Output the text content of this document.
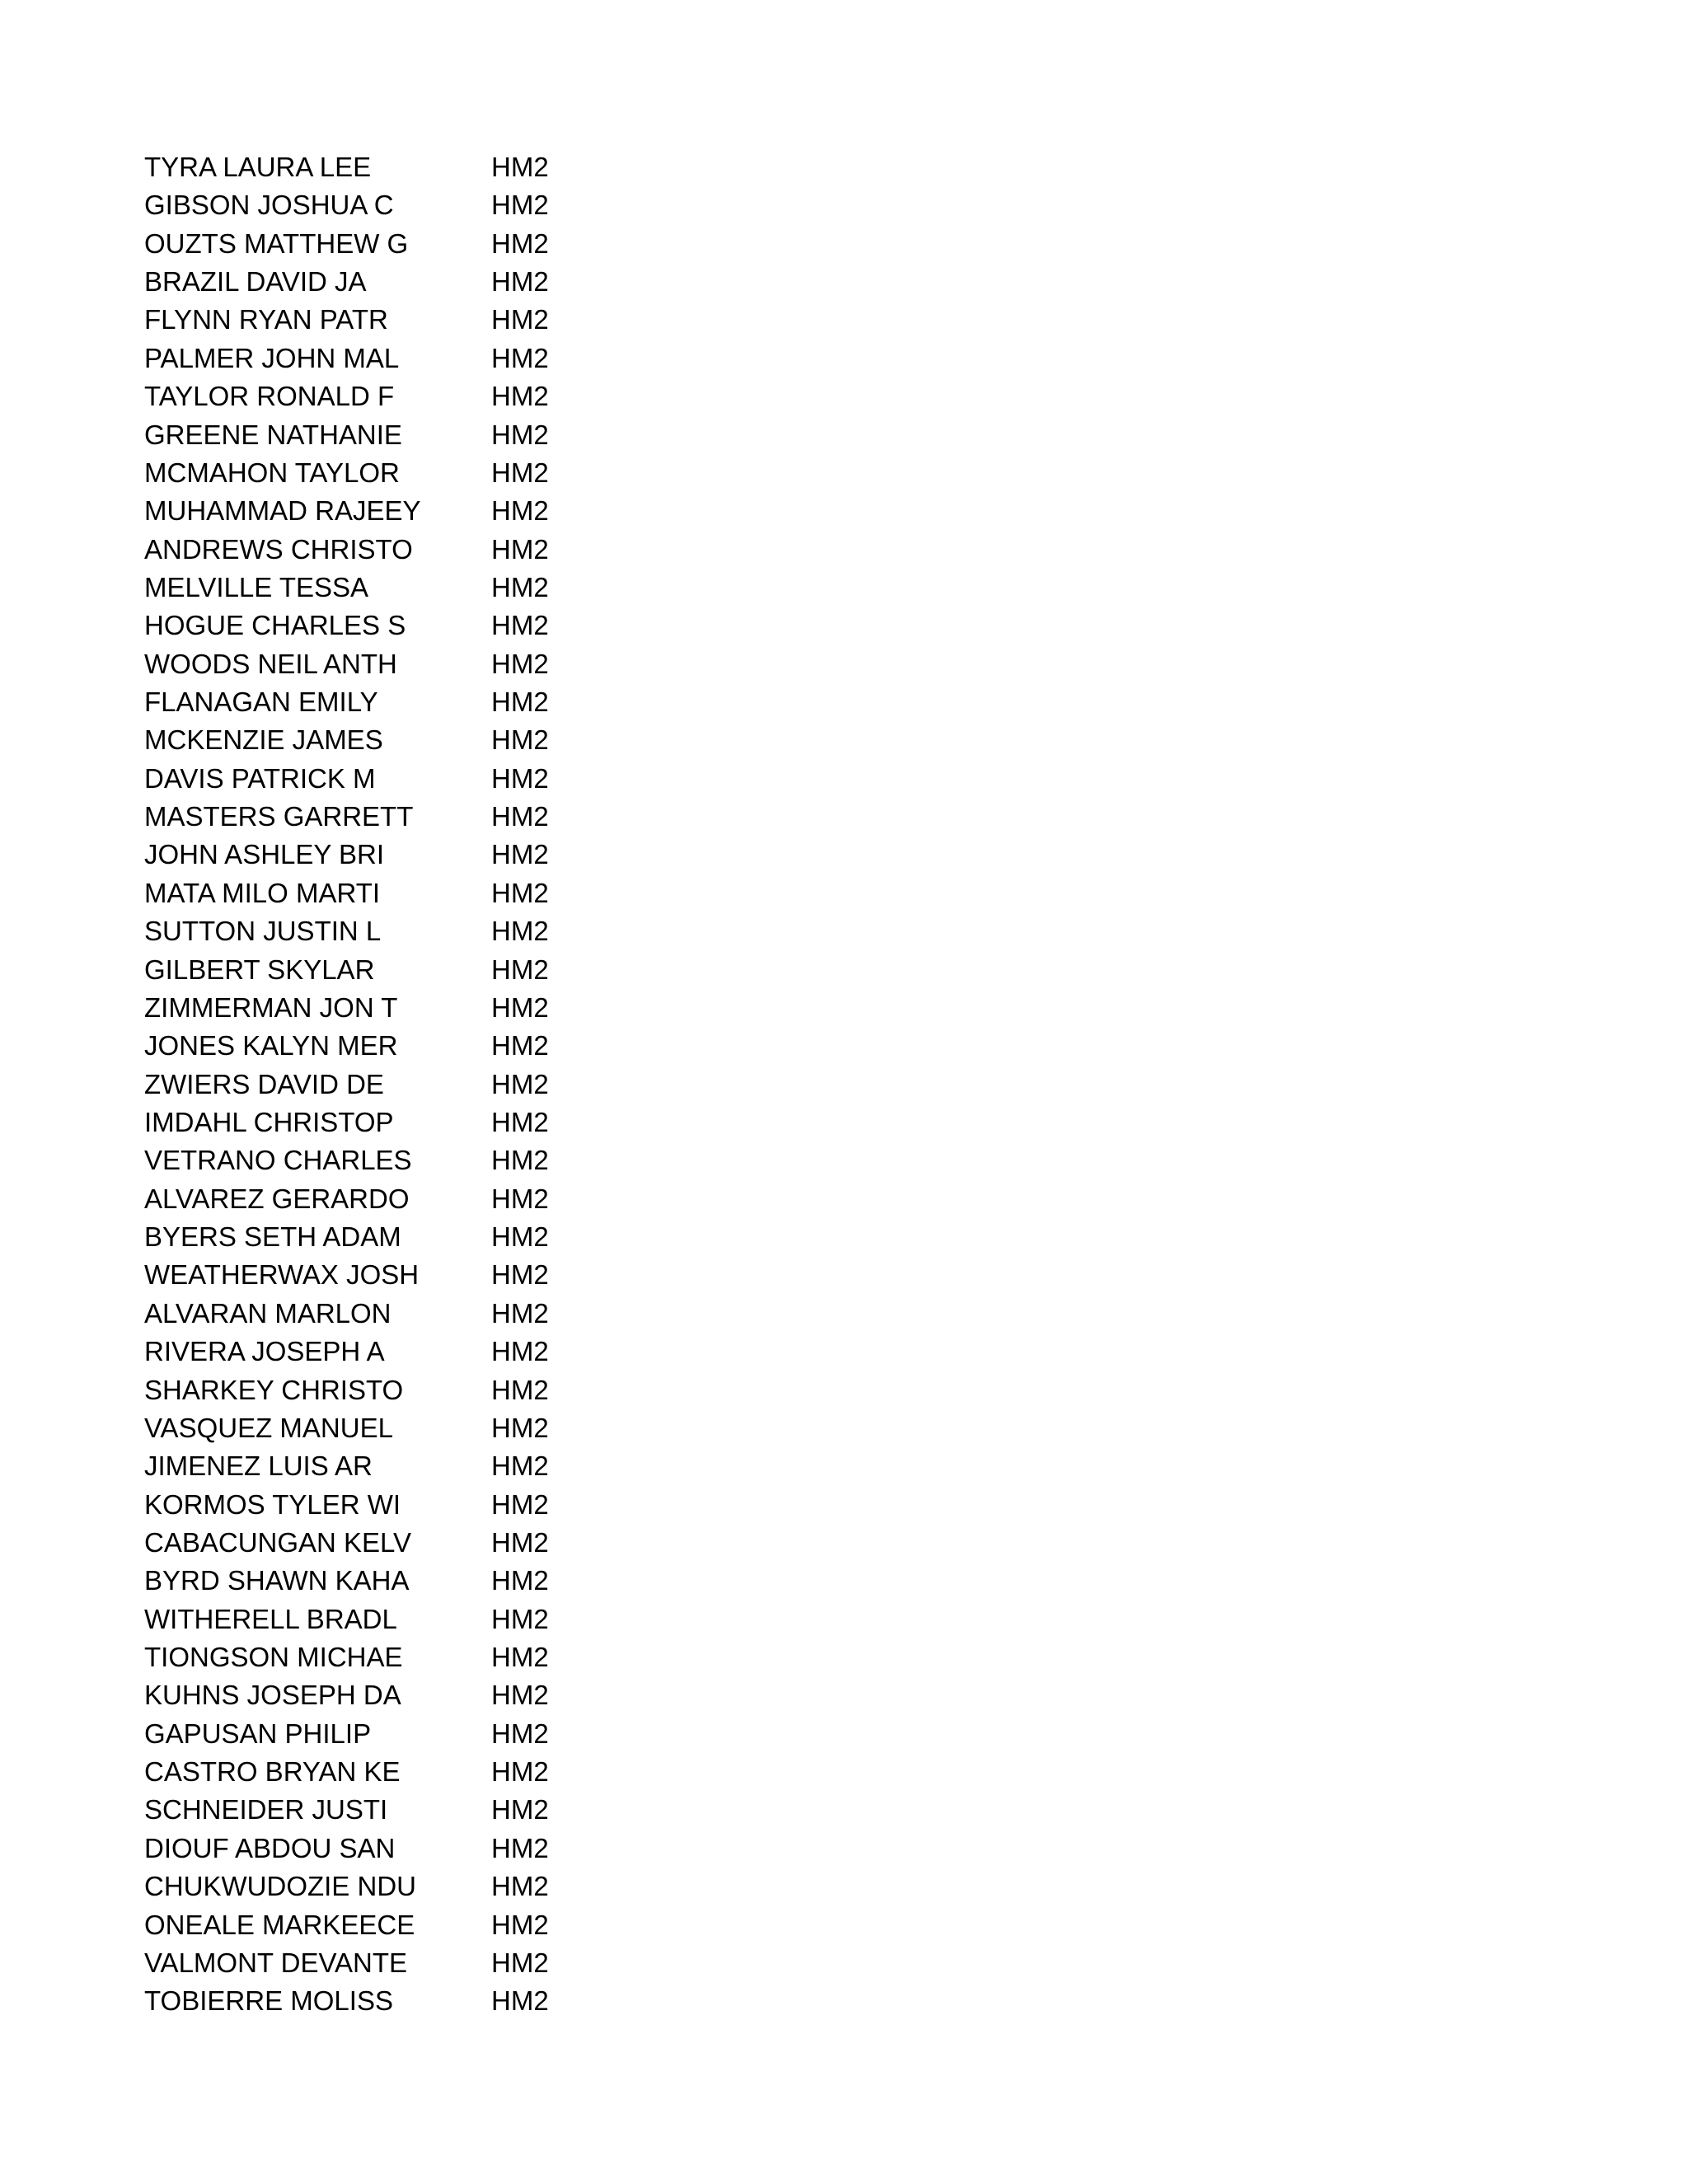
TYRA LAURA LEE	HM2
GIBSON JOSHUA C	HM2
OUZTS MATTHEW G	HM2
BRAZIL DAVID JA	HM2
FLYNN RYAN PATR	HM2
PALMER JOHN MAL	HM2
TAYLOR RONALD F	HM2
GREENE NATHANIE	HM2
MCMAHON TAYLOR	HM2
MUHAMMAD RAJEEY	HM2
ANDREWS CHRISTO	HM2
MELVILLE TESSA	HM2
HOGUE CHARLES S	HM2
WOODS NEIL ANTH	HM2
FLANAGAN EMILY	HM2
MCKENZIE JAMES	HM2
DAVIS PATRICK M	HM2
MASTERS GARRETT	HM2
JOHN ASHLEY BRI	HM2
MATA MILO MARTI	HM2
SUTTON JUSTIN L	HM2
GILBERT SKYLAR	HM2
ZIMMERMAN JON T	HM2
JONES KALYN MER	HM2
ZWIERS DAVID DE	HM2
IMDAHL CHRISTOP	HM2
VETRANO CHARLES	HM2
ALVAREZ GERARDO	HM2
BYERS SETH ADAM	HM2
WEATHERWAX JOSH	HM2
ALVARAN MARLON	HM2
RIVERA JOSEPH A	HM2
SHARKEY CHRISTO	HM2
VASQUEZ MANUEL	HM2
JIMENEZ LUIS AR	HM2
KORMOS TYLER WI	HM2
CABACUNGAN KELV	HM2
BYRD SHAWN KAHA	HM2
WITHERELL BRADL	HM2
TIONGSON MICHAE	HM2
KUHNS JOSEPH DA	HM2
GAPUSAN PHILIP	HM2
CASTRO BRYAN KE	HM2
SCHNEIDER JUSTI	HM2
DIOUF ABDOU SAN	HM2
CHUKWUDOZIE NDU	HM2
ONEALE MARKEECE	HM2
VALMONT DEVANTE	HM2
TOBIERRE MOLISS	HM2
